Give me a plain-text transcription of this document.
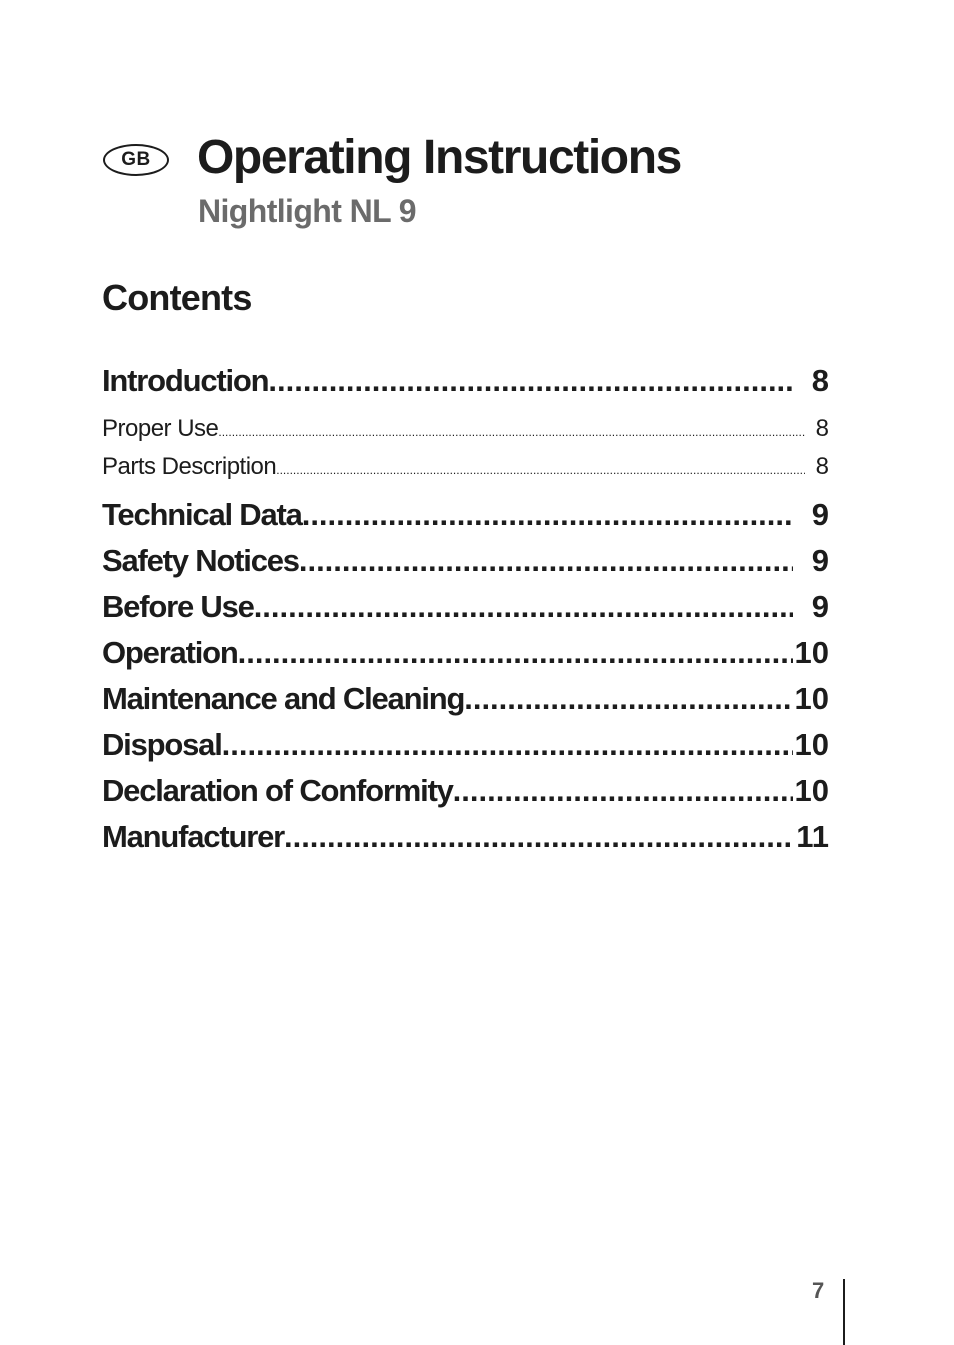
GB Operating Instructions
Nightlight NL 9
Contents
Introduction .....	8
Proper Use .....	8
Parts Description .....	8
Technical Data .....	9
Safety Notices .....	9
Before Use .....	9
Operation .....	10
Maintenance and Cleaning .....	10
Disposal .....	10
Declaration of Conformity .....	10
Manufacturer .....	11
7
